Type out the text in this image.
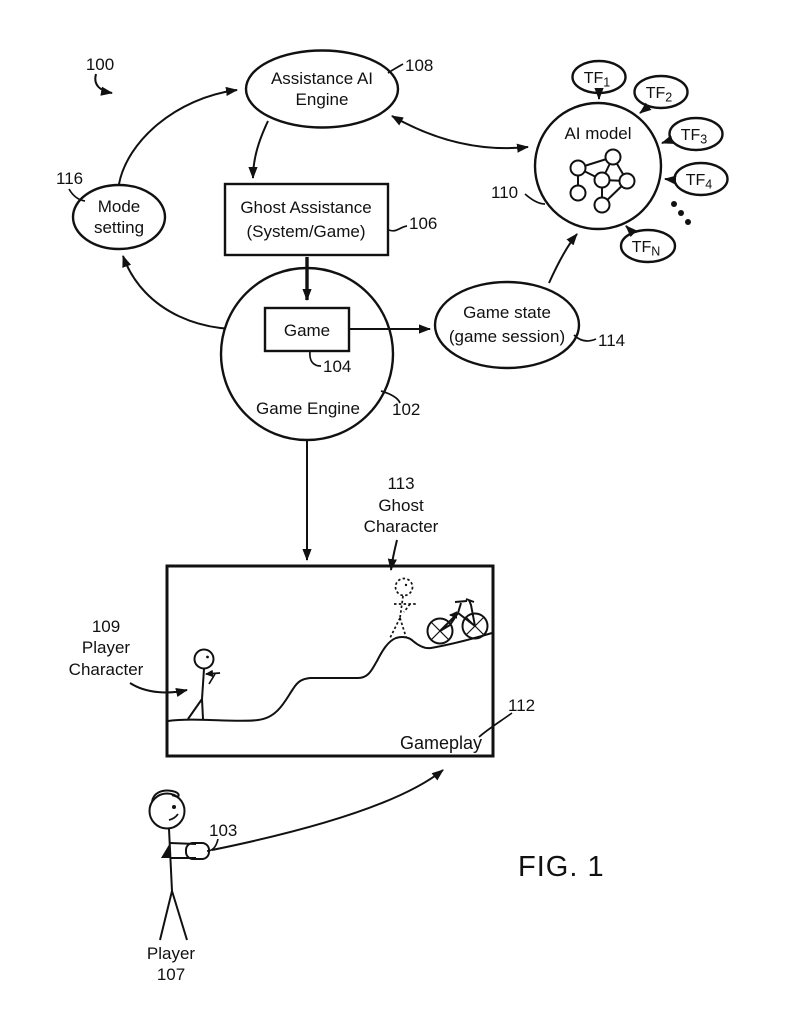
AI model
110
$TF_1$
$TF_2$
$TF_3$
$TF_4$
$TF_N$
Assistance AI
Engine
108
100
Mode
setting
116
Ghost Assistance
(System/Game)	106
Game Engine 102
Game
104
Game state
(game session) 114
Gameplay
112
113
Ghost
Character
109
Player
Character
103
Player
107
FIG. 1
